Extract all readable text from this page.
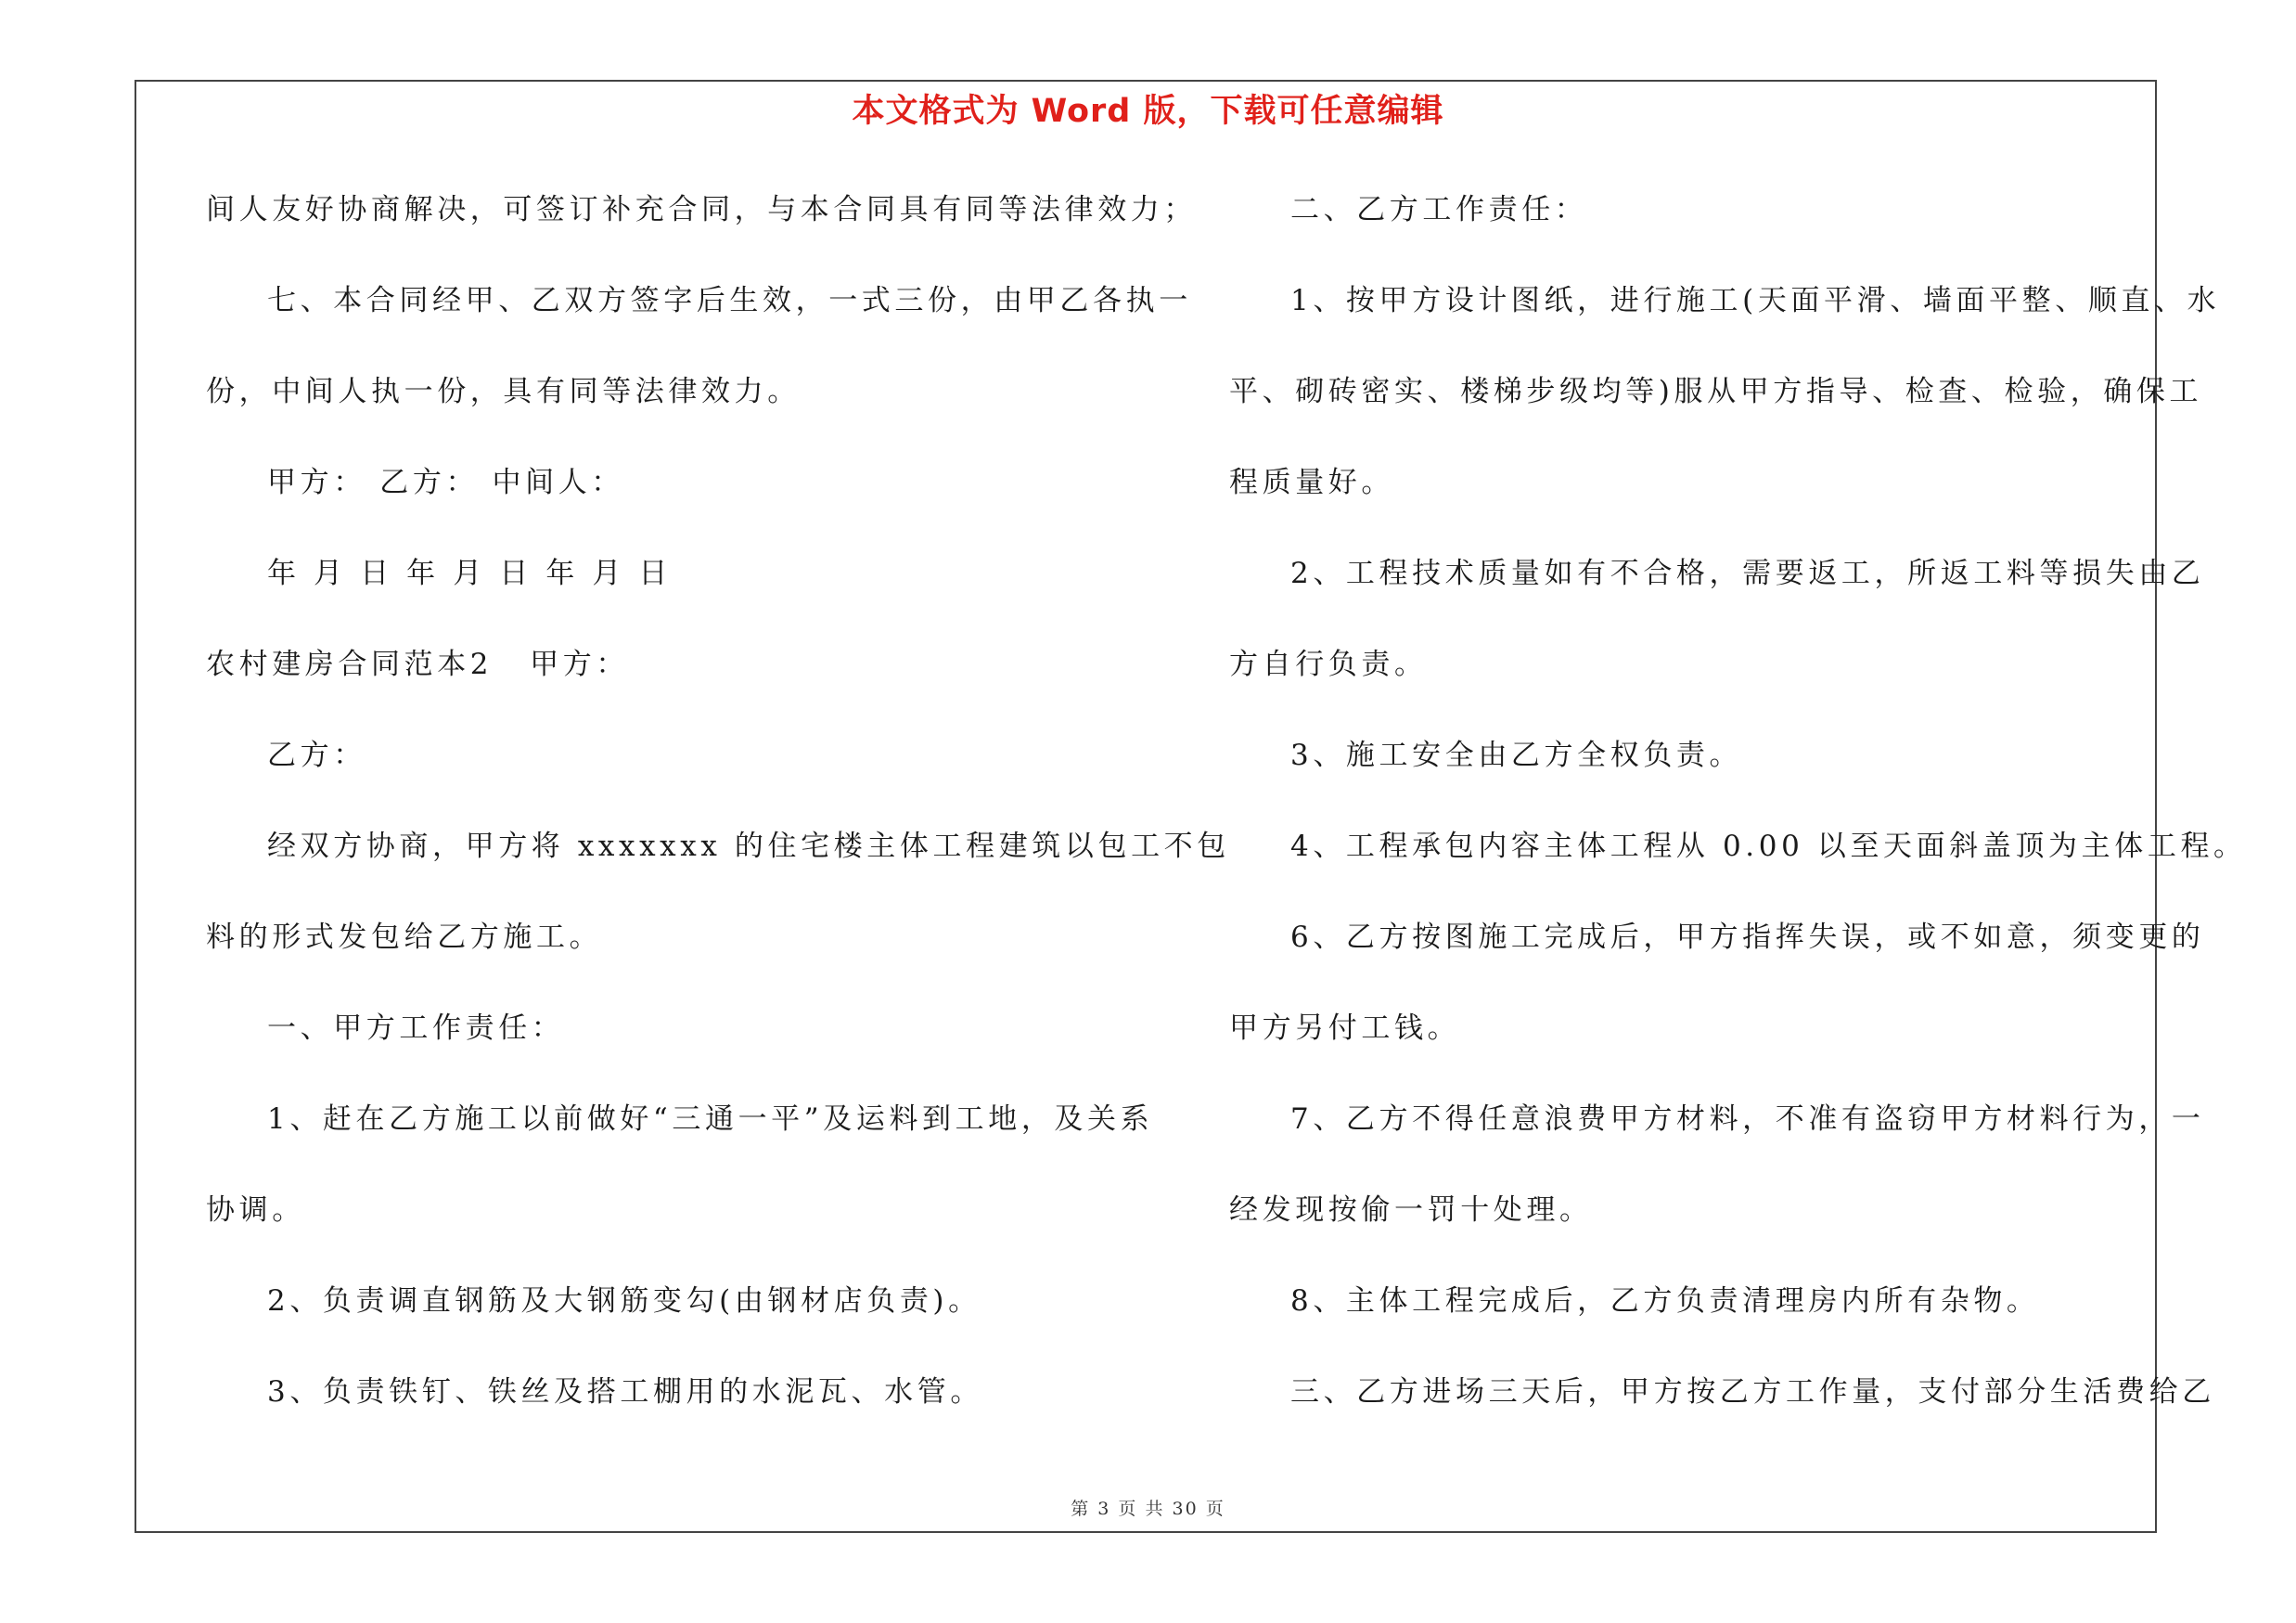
本文格式为 Word 版，下载可任意编辑
间人友好协商解决，可签订补充合同，与本合同具有同等法律效力；
七、本合同经甲、乙双方签字后生效，一式三份，由甲乙各执一
份，中间人执一份，具有同等法律效力。
甲方： 乙方： 中间人：
年 月 日 年 月 日 年 月 日
农村建房合同范本2 甲方：
乙方：
经双方协商，甲方将 xxxxxxx 的住宅楼主体工程建筑以包工不包
料的形式发包给乙方施工。
一、甲方工作责任：
1、赶在乙方施工以前做好“三通一平”及运料到工地，及关系
协调。
2、负责调直钢筋及大钢筋变勾(由钢材店负责)。
3、负责铁钉、铁丝及搭工棚用的水泥瓦、水管。
二、乙方工作责任：
1、按甲方设计图纸，进行施工(天面平滑、墙面平整、顺直、水
平、砌砖密实、楼梯步级均等)服从甲方指导、检查、检验，确保工
程质量好。
2、工程技术质量如有不合格，需要返工，所返工料等损失由乙
方自行负责。
3、施工安全由乙方全权负责。
4、工程承包内容主体工程从 0.00 以至天面斜盖顶为主体工程。
6、乙方按图施工完成后，甲方指挥失误，或不如意，须变更的
甲方另付工钱。
7、乙方不得任意浪费甲方材料，不准有盗窃甲方材料行为，一
经发现按偷一罚十处理。
8、主体工程完成后，乙方负责清理房内所有杂物。
三、乙方进场三天后，甲方按乙方工作量，支付部分生活费给乙
第 3 页 共 30 页
